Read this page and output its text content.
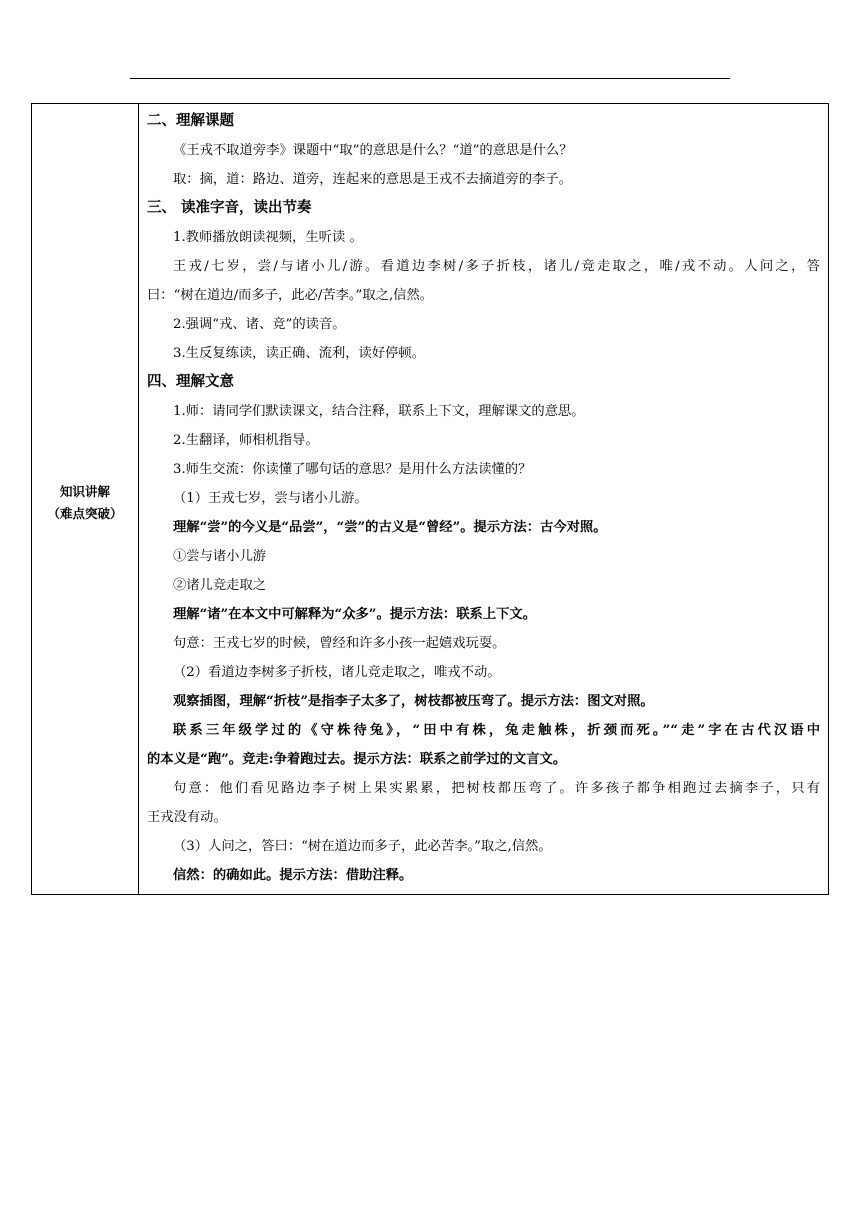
知识讲解
（难点突破）
二、理解课题
《王戎不取道旁李》课题中“取”的意思是什么？“道”的意思是什么？
取：摘，道：路边、道旁，连起来的意思是王戎不去摘道旁的李子。
三、 读准字音，读出节奏
1.教师播放朗读视频，生听读 。
王戎/七岁，尝/与诸小儿/游。看道边李树/多子折枝，诸儿/竞走取之，唯/戎不动。人问之，答
曰：“树在道边/而多子，此必/苦李。”取之,信然。
2.强调“戎、诸、竞”的读音。
3.生反复练读，读正确、流利，读好停顿。
四、理解文意
1.师：请同学们默读课文，结合注释，联系上下文，理解课文的意思。
2.生翻译，师相机指导。
3.师生交流：你读懂了哪句话的意思？是用什么方法读懂的？
（1）王戎七岁，尝与诸小儿游。
理解“尝”的今义是“品尝”，“尝”的古义是“曾经”。提示方法：古今对照。
①尝与诸小儿游
②诸儿竞走取之
理解“诸”在本文中可解释为“众多”。提示方法：联系上下文。
句意：王戎七岁的时候，曾经和许多小孩一起嬉戏玩耍。
（2）看道边李树多子折枝，诸儿竞走取之，唯戎不动。
观察插图，理解“折枝”是指李子太多了，树枝都被压弯了。提示方法：图文对照。
联系三年级学过的《守株待兔》，“田中有株，兔走触株，折颈而死。”“走”字在古代汉语中
的本义是“跑”。竞走:争着跑过去。提示方法：联系之前学过的文言文。
句意：他们看见路边李子树上果实累累，把树枝都压弯了。许多孩子都争相跑过去摘李子，只有
王戎没有动。
（3）人问之，答曰：“树在道边而多子，此必苦李。”取之,信然。
信然：的确如此。提示方法：借助注释。
